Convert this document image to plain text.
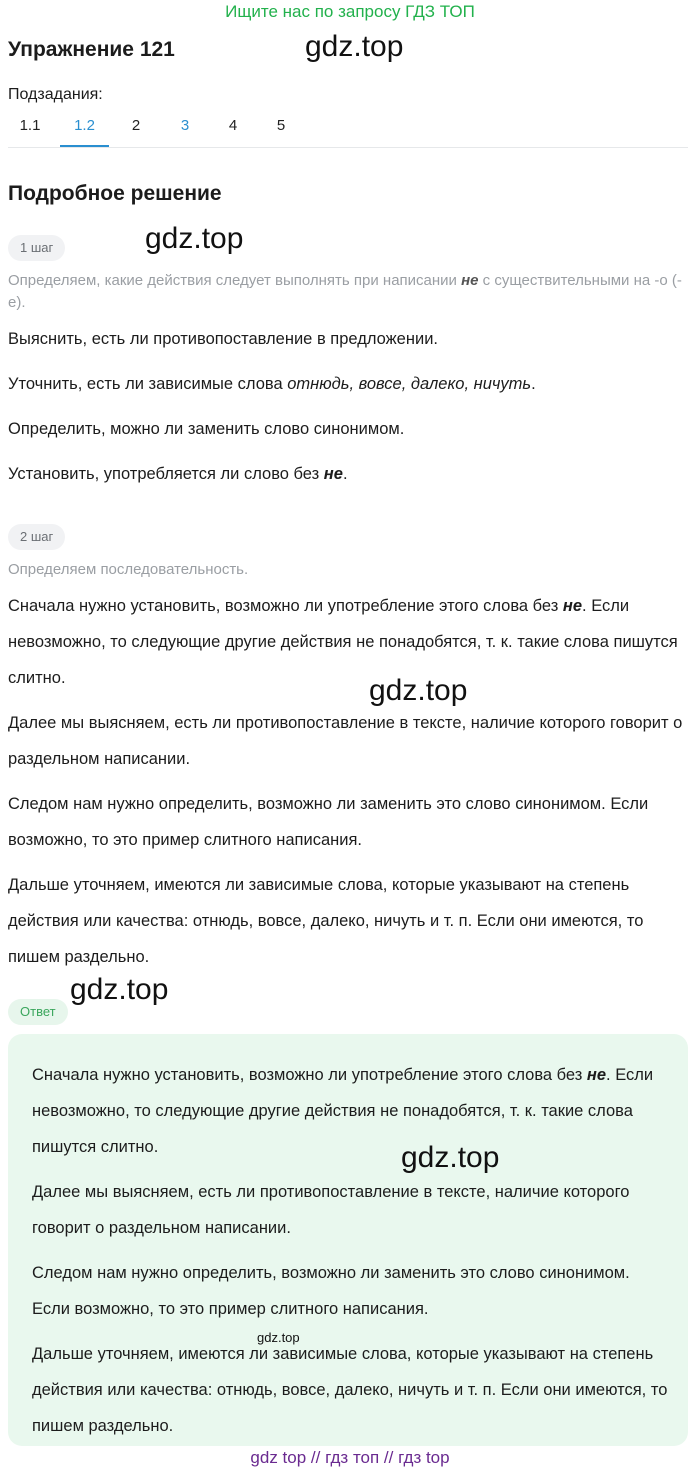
Ищите нас по запросу ГДЗ ТОП
Упражнение 121	gdz.top
Подзадания:
1.1	1.2	2	3	4	5
Подробное решение
1 шаг	gdz.top
Определяем, какие действия следует выполнять при написании не с существительными на -о (-е).
Выяснить, есть ли противопоставление в предложении.
Уточнить, есть ли зависимые слова отнюдь, вовсе, далеко, ничуть.
Определить, можно ли заменить слово синонимом.
Установить, употребляется ли слово без не.
2 шаг
Определяем последовательность.
Сначала нужно установить, возможно ли употребление этого слова без не. Если невозможно, то следующие другие действия не понадобятся, т. к. такие слова пишутся слитно.	gdz.top
Далее мы выясняем, есть ли противопоставление в тексте, наличие которого говорит о раздельном написании.
Следом нам нужно определить, возможно ли заменить это слово синонимом. Если возможно, то это пример слитного написания.
Дальше уточняем, имеются ли зависимые слова, которые указывают на степень действия или качества: отнюдь, вовсе, далеко, ничуть и т. п. Если они имеются, то пишем раздельно.
gdz.top
Ответ
Сначала нужно установить, возможно ли употребление этого слова без не. Если невозможно, то следующие другие действия не понадобятся, т. к. такие слова пишутся слитно.	gdz.top
Далее мы выясняем, есть ли противопоставление в тексте, наличие которого говорит о раздельном написании.
Следом нам нужно определить, возможно ли заменить это слово синонимом. Если возможно, то это пример слитного написания.
gdz.top
Дальше уточняем, имеются ли зависимые слова, которые указывают на степень действия или качества: отнюдь, вовсе, далеко, ничуть и т. п. Если они имеются, то пишем раздельно.
gdz top // гдз топ // гдз top
